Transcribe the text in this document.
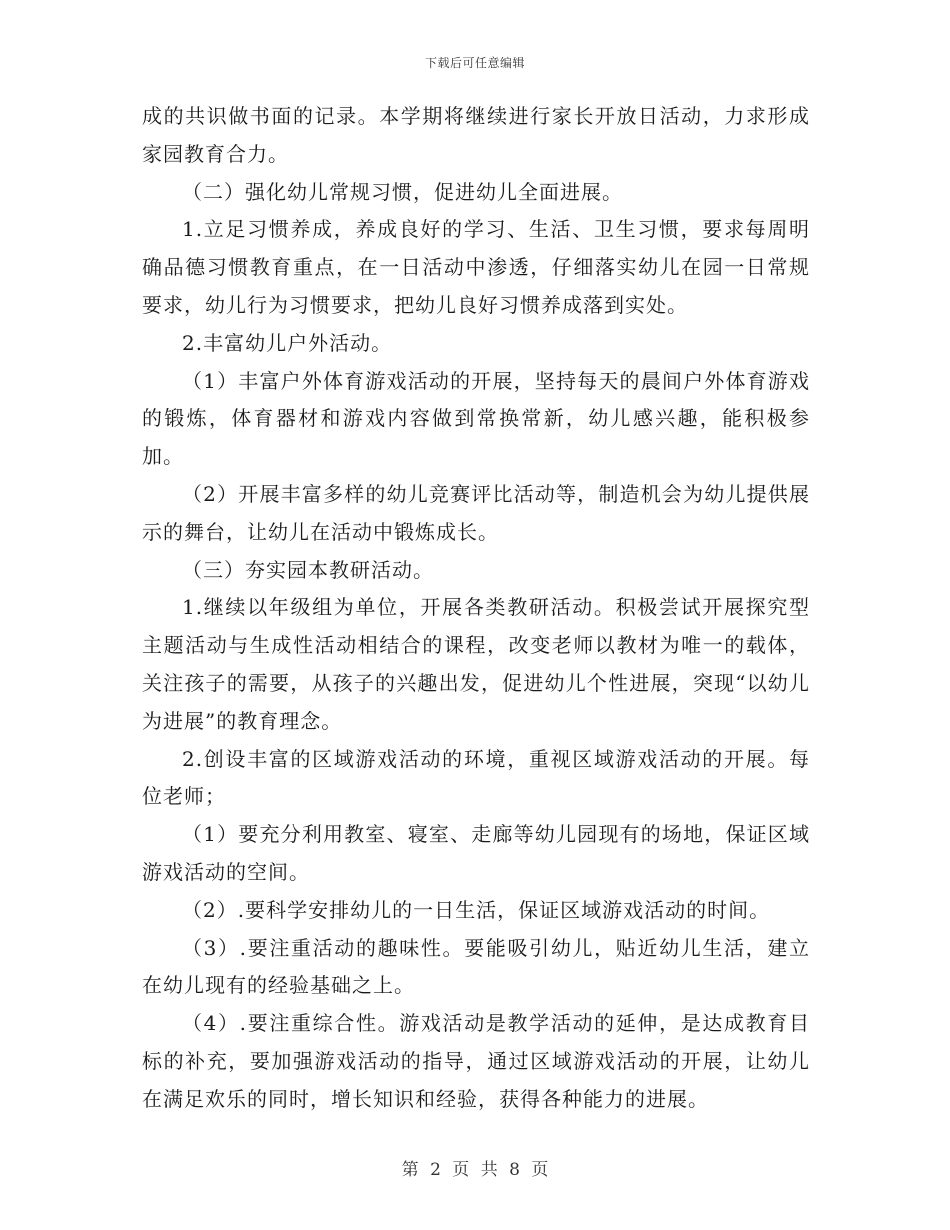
下载后可任意编辑

成的共识做书面的记录。本学期将继续进行家长开放日活动，力求形成家园教育合力。

（二）强化幼儿常规习惯，促进幼儿全面进展。

1.立足习惯养成，养成良好的学习、生活、卫生习惯，要求每周明确品德习惯教育重点，在一日活动中渗透，仔细落实幼儿在园一日常规要求，幼儿行为习惯要求，把幼儿良好习惯养成落到实处。

2.丰富幼儿户外活动。

（1）丰富户外体育游戏活动的开展，坚持每天的晨间户外体育游戏的锻炼，体育器材和游戏内容做到常换常新，幼儿感兴趣，能积极参加。

（2）开展丰富多样的幼儿竞赛评比活动等，制造机会为幼儿提供展示的舞台，让幼儿在活动中锻炼成长。

（三）夯实园本教研活动。

1.继续以年级组为单位，开展各类教研活动。积极尝试开展探究型主题活动与生成性活动相结合的课程，改变老师以教材为唯一的载体，关注孩子的需要，从孩子的兴趣出发，促进幼儿个性进展，突现“以幼儿为进展”的教育理念。

2.创设丰富的区域游戏活动的环境，重视区域游戏活动的开展。每位老师；

（1）要充分利用教室、寝室、走廊等幼儿园现有的场地，保证区域游戏活动的空间。

（2）.要科学安排幼儿的一日生活，保证区域游戏活动的时间。

（3）.要注重活动的趣味性。要能吸引幼儿，贴近幼儿生活，建立在幼儿现有的经验基础之上。

（4）.要注重综合性。游戏活动是教学活动的延伸，是达成教育目标的补充，要加强游戏活动的指导，通过区域游戏活动的开展，让幼儿在满足欢乐的同时，增长知识和经验，获得各种能力的进展。

第 2 页 共 8 页
